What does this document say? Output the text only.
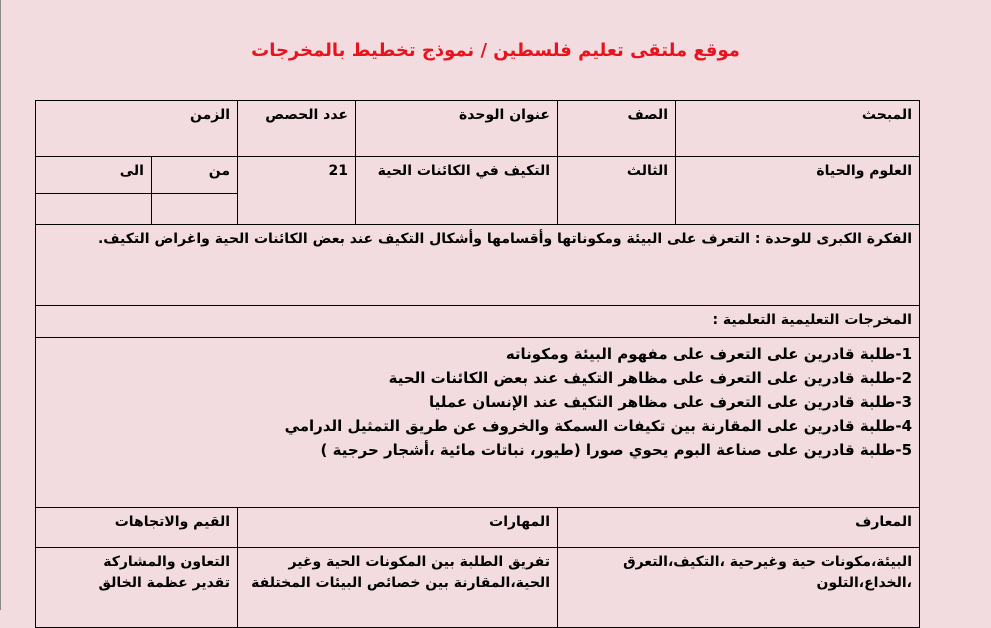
موقع ملتقى تعليم فلسطين / نموذج تخطيط بالمخرجات
المبحث	الصف	عنوان الوحدة	عدد الحصص	الزمن	
العلوم والحياة	الثالث	التكيف في الكائنات الحية	21	من	الى

الفكرة الكبرى للوحدة : التعرف على البيئة ومكوناتها وأقسامها وأشكال التكيف عند بعض الكائنات الحية واغراض التكيف.					
المخرجات التعليمية التعلمية :					

1-طلبة قادرين على التعرف على مفهوم البيئة ومكوناته
2-طلبة قادرين على التعرف على مظاهر التكيف عند بعض الكائنات الحية
3-طلبة قادرين على التعرف على مظاهر التكيف عند الإنسان عمليا
4-طلبة قادرين على المقارنة بين تكيفات السمكة والخروف عن طريق التمثيل الدرامي
5-طلبة قادرين على صناعة البوم يحوي صورا (طيور، نباتات مائية ،أشجار حرجية )					

المعارف		المهارات		القيم والاتجاهات	
البيئة،مكونات حية وغيرحية ،التكيف،التعرق ،الخداع،التلون		تفريق الطلبة بين المكونات الحية وغير الحية،المقارنة بين خصائص البيئات المختلفة		التعاون والمشاركة
تقدير عظمة الخالق	
